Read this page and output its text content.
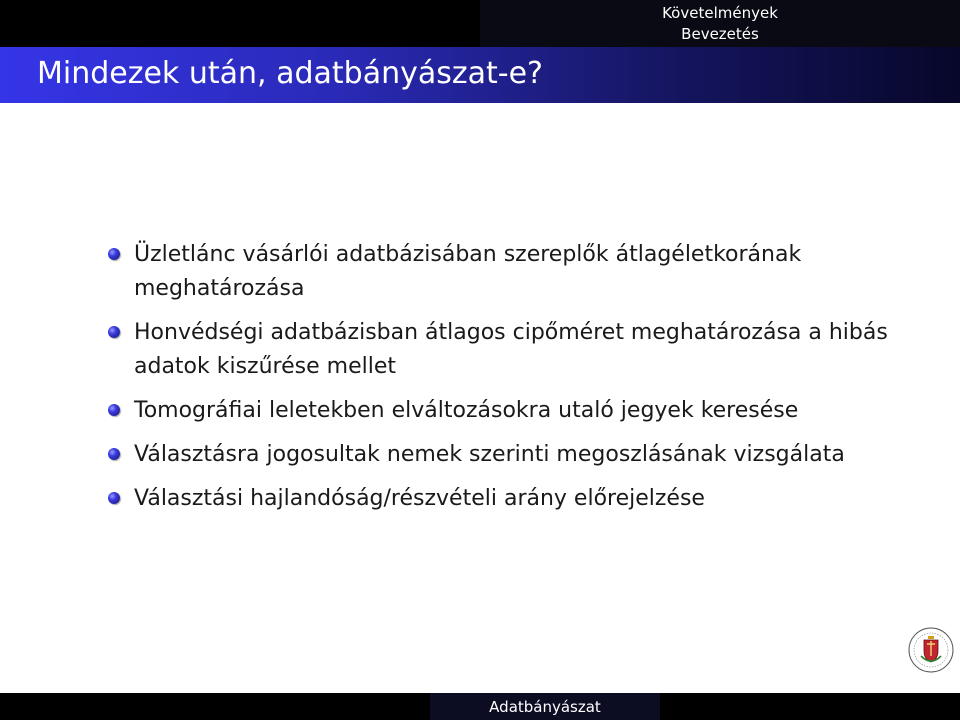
Követelmények
Bevezetés
Mindezek után, adatbányászat-e?
Üzletlánc vásárlói adatbázisában szereplők átlagéletkorának meghatározása
Honvédségi adatbázisban átlagos cipőméret meghatározása a hibás adatok kiszűrése mellet
Tomográfiai leletekben elváltozásokra utaló jegyek keresése
Választásra jogosultak nemek szerinti megoszlásának vizsgálata
Választási hajlandóság/részvételi arány előrejelzése
Adatbányászat
